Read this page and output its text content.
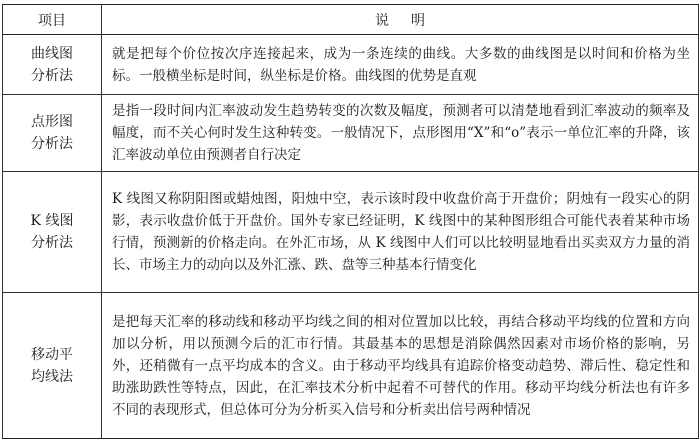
项目	说明
曲线图分析法	就是把每个价位按次序连接起来，成为一条连续的曲线。大多数的曲线图是以时间和价格为坐标。一般横坐标是时间，纵坐标是价格。曲线图的优势是直观
点形图分析法	是指一段时间内汇率波动发生趋势转变的次数及幅度，预测者可以清楚地看到汇率波动的频率及幅度，而不关心何时发生这种转变。一般情况下，点形图用“X”和“o”表示一单位汇率的升降，该汇率波动单位由预测者自行决定
K 线图分析法	K 线图又称阴阳图或蜡烛图，阳烛中空，表示该时段中收盘价高于开盘价；阴烛有一段实心的阴影，表示收盘价低于开盘价。国外专家已经证明，K 线图中的某种图形组合可能代表着某种市场行情，预测新的价格走向。在外汇市场，从 K 线图中人们可以比较明显地看出买卖双方力量的消长、市场主力的动向以及外汇涨、跌、盘等三种基本行情变化
移动平均线法	是把每天汇率的移动线和移动平均线之间的相对位置加以比较，再结合移动平均线的位置和方向加以分析，用以预测今后的汇市行情。其最基本的思想是消除偶然因素对市场价格的影响，另外，还稍微有一点平均成本的含义。由于移动平均线具有追踪价格变动趋势、滞后性、稳定性和助涨助跌性等特点，因此，在汇率技术分析中起着不可替代的作用。移动平均线分析法也有许多不同的表现形式，但总体可分为分析买入信号和分析卖出信号两种情况
